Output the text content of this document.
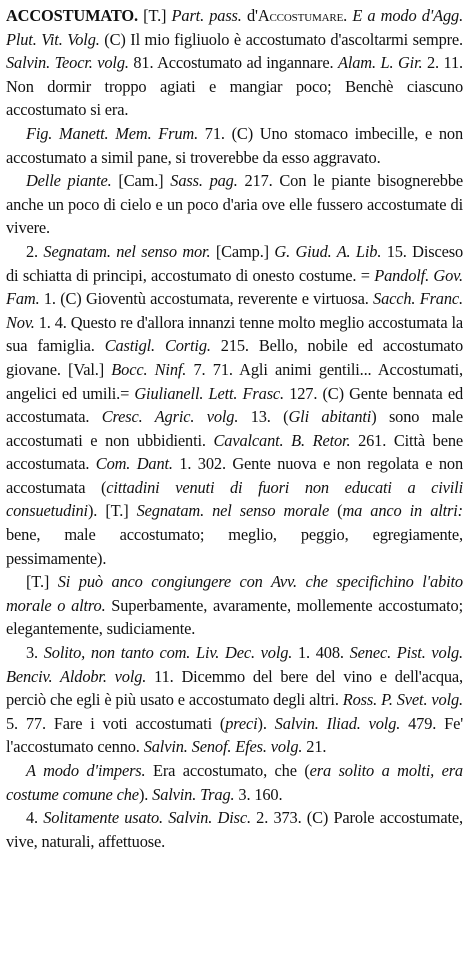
ACCOSTUMATO. [T.] Part. pass. d'Accostumare. E a modo d'Agg. Plut. Vit. Volg. (C) Il mio figliuolo è accostumato d'ascoltarmi sempre. Salvin. Teocr. volg. 81. Accostumato ad ingannare. Alam. L. Gir. 2. 11. Non dormir troppo agiati e mangiar poco; Benchè ciascuno accostumato si era.

Fig. Manett. Mem. Frum. 71. (C) Uno stomaco imbecille, e non accostumato a simil pane, si troverebbe da esso aggravato.

Delle piante. [Cam.] Sass. pag. 217. Con le piante bisognerebbe anche un poco di cielo e un poco d'aria ove elle fussero accostumate di vivere.

2. Segnatam. nel senso mor. [Camp.] G. Giud. A. Lib. 15. Disceso di schiatta di principi, accostumato di onesto costume. = Pandolf. Gov. Fam. 1. (C) Gioventù accostumata, reverente e virtuosa. Sacch. Franc. Nov. 1. 4. Questo re d'allora innanzi tenne molto meglio accostumata la sua famiglia. Castigl. Cortig. 215. Bello, nobile ed accostumato giovane. [Val.] Bocc. Ninf. 7. 71. Agli animi gentili... Accostumati, angelici ed umili.= Giulianell. Lett. Frasc. 127. (C) Gente bennata ed accostumata. Cresc. Agric. volg. 13. (Gli abitanti) sono male accostumati e non ubbidienti. Cavalcant. B. Retor. 261. Città bene accostumata. Com. Dant. 1. 302. Gente nuova e non regolata e non accostumata (cittadini venuti di fuori non educati a civili consuetudini). [T.] Segnatam. nel senso morale (ma anco in altri: bene, male accostumato; meglio, peggio, egregiamente, pessimamente).

[T.] Si può anco congiungere con Avv. che specifichino l'abito morale o altro. Superbamente, avaramente, mollemente accostumato; elegantemente, sudiciamente.

3. Solito, non tanto com. Liv. Dec. volg. 1. 408. Senec. Pist. volg. Benciv. Aldobr. volg. 11. Dicemmo del bere del vino e dell'acqua, perciò che egli è più usato e accostumato degli altri. Ross. P. Svet. volg. 5. 77. Fare i voti accostumati (preci). Salvin. Iliad. volg. 479. Fe' l'accostumato cenno. Salvin. Senof. Efes. volg. 21.

A modo d'impers. Era accostumato, che (era solito a molti, era costume comune che). Salvin. Trag. 3. 160.

4. Solitamente usato. Salvin. Disc. 2. 373. (C) Parole accostumate, vive, naturali, affettuose.
